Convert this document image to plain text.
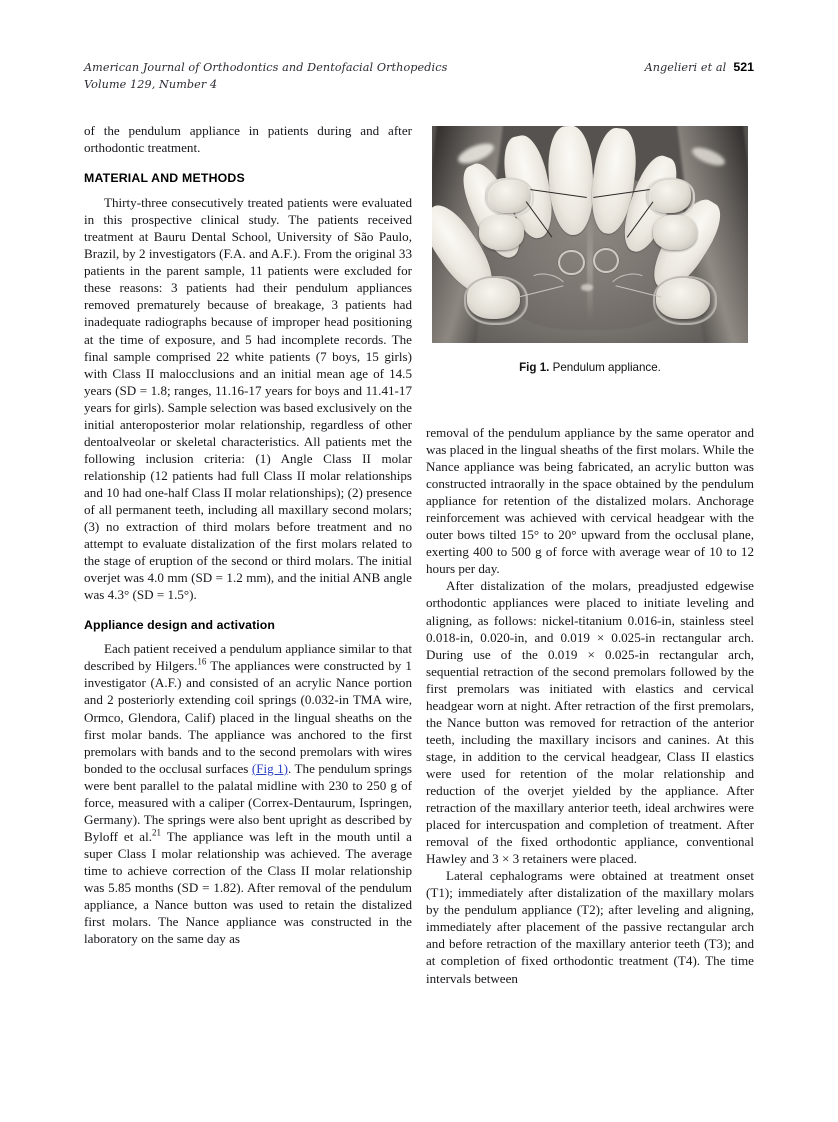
American Journal of Orthodontics and Dentofacial Orthopedics
Volume 129, Number 4
Angelieri et al 521

of the pendulum appliance in patients during and after orthodontic treatment.

MATERIAL AND METHODS

Thirty-three consecutively treated patients were evaluated in this prospective clinical study. The patients received treatment at Bauru Dental School, University of São Paulo, Brazil, by 2 investigators (F.A. and A.F.). From the original 33 patients in the parent sample, 11 patients were excluded for these reasons: 3 patients had their pendulum appliances removed prematurely because of breakage, 3 patients had inadequate radiographs because of improper head positioning at the time of exposure, and 5 had incomplete records. The final sample comprised 22 white patients (7 boys, 15 girls) with Class II malocclusions and an initial mean age of 14.5 years (SD = 1.8; ranges, 11.16-17 years for boys and 11.41-17 years for girls). Sample selection was based exclusively on the initial anteroposterior molar relationship, regardless of other dentoalveolar or skeletal characteristics. All patients met the following inclusion criteria: (1) Angle Class II molar relationship (12 patients had full Class II molar relationships and 10 had one-half Class II molar relationships); (2) presence of all permanent teeth, including all maxillary second molars; (3) no extraction of third molars before treatment and no attempt to evaluate distalization of the first molars related to the stage of eruption of the second or third molars. The initial overjet was 4.0 mm (SD = 1.2 mm), and the initial ANB angle was 4.3° (SD = 1.5°).

Appliance design and activation

Each patient received a pendulum appliance similar to that described by Hilgers.$^{16}$ The appliances were constructed by 1 investigator (A.F.) and consisted of an acrylic Nance portion and 2 posteriorly extending coil springs (0.032-in TMA wire, Ormco, Glendora, Calif) placed in the lingual sheaths on the first molar bands. The appliance was anchored to the first premolars with bands and to the second premolars with wires bonded to the occlusal surfaces (Fig 1). The pendulum springs were bent parallel to the palatal midline with 230 to 250 g of force, measured with a caliper (Correx-Dentaurum, Ispringen, Germany). The springs were also bent upright as described by Byloff et al.$^{21}$ The appliance was left in the mouth until a super Class I molar relationship was achieved. The average time to achieve correction of the Class II molar relationship was 5.85 months (SD = 1.82). After removal of the pendulum appliance, a Nance button was used to retain the distalized first molars. The Nance appliance was constructed in the laboratory on the same day as

Fig 1. Pendulum appliance.

removal of the pendulum appliance by the same operator and was placed in the lingual sheaths of the first molars. While the Nance appliance was being fabricated, an acrylic button was constructed intraorally in the space obtained by the pendulum appliance for retention of the distalized molars. Anchorage reinforcement was achieved with cervical headgear with the outer bows tilted 15° to 20° upward from the occlusal plane, exerting 400 to 500 g of force with average wear of 10 to 12 hours per day.

After distalization of the molars, preadjusted edgewise orthodontic appliances were placed to initiate leveling and aligning, as follows: nickel-titanium 0.016-in, stainless steel 0.018-in, 0.020-in, and 0.019 × 0.025-in rectangular arch. During use of the 0.019 × 0.025-in rectangular arch, sequential retraction of the second premolars followed by the first premolars was initiated with elastics and cervical headgear worn at night. After retraction of the first premolars, the Nance button was removed for retraction of the anterior teeth, including the maxillary incisors and canines. At this stage, in addition to the cervical headgear, Class II elastics were used for retention of the molar relationship and reduction of the overjet yielded by the appliance. After retraction of the maxillary anterior teeth, ideal archwires were placed for intercuspation and completion of treatment. After removal of the fixed orthodontic appliance, conventional Hawley and 3 × 3 retainers were placed.

Lateral cephalograms were obtained at treatment onset (T1); immediately after distalization of the maxillary molars by the pendulum appliance (T2); after leveling and aligning, immediately after placement of the passive rectangular arch and before retraction of the maxillary anterior teeth (T3); and at completion of fixed orthodontic treatment (T4). The time intervals between
